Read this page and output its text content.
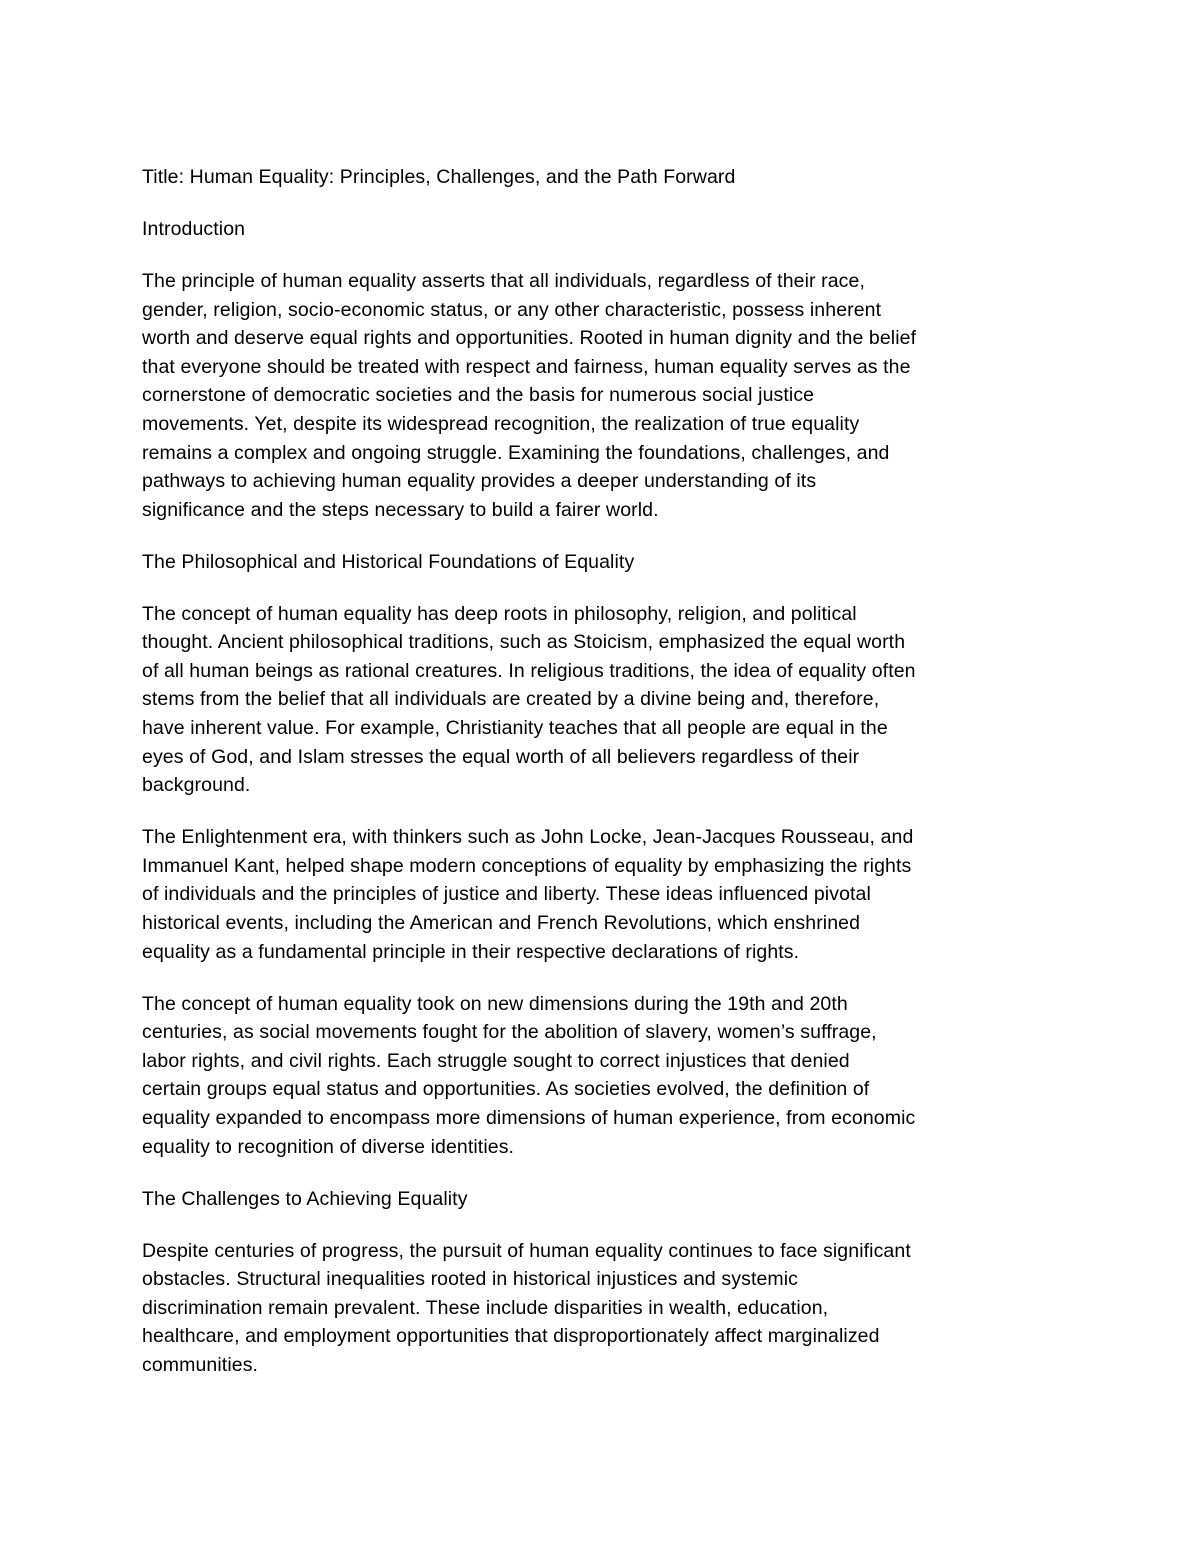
Title: Human Equality: Principles, Challenges, and the Path Forward
Introduction
The principle of human equality asserts that all individuals, regardless of their race,
gender, religion, socio-economic status, or any other characteristic, possess inherent
worth and deserve equal rights and opportunities. Rooted in human dignity and the belief
that everyone should be treated with respect and fairness, human equality serves as the
cornerstone of democratic societies and the basis for numerous social justice
movements. Yet, despite its widespread recognition, the realization of true equality
remains a complex and ongoing struggle. Examining the foundations, challenges, and
pathways to achieving human equality provides a deeper understanding of its
significance and the steps necessary to build a fairer world.
The Philosophical and Historical Foundations of Equality
The concept of human equality has deep roots in philosophy, religion, and political
thought. Ancient philosophical traditions, such as Stoicism, emphasized the equal worth
of all human beings as rational creatures. In religious traditions, the idea of equality often
stems from the belief that all individuals are created by a divine being and, therefore,
have inherent value. For example, Christianity teaches that all people are equal in the
eyes of God, and Islam stresses the equal worth of all believers regardless of their
background.
The Enlightenment era, with thinkers such as John Locke, Jean-Jacques Rousseau, and
Immanuel Kant, helped shape modern conceptions of equality by emphasizing the rights
of individuals and the principles of justice and liberty. These ideas influenced pivotal
historical events, including the American and French Revolutions, which enshrined
equality as a fundamental principle in their respective declarations of rights.
The concept of human equality took on new dimensions during the 19th and 20th
centuries, as social movements fought for the abolition of slavery, women’s suffrage,
labor rights, and civil rights. Each struggle sought to correct injustices that denied
certain groups equal status and opportunities. As societies evolved, the definition of
equality expanded to encompass more dimensions of human experience, from economic
equality to recognition of diverse identities.
The Challenges to Achieving Equality
Despite centuries of progress, the pursuit of human equality continues to face significant
obstacles. Structural inequalities rooted in historical injustices and systemic
discrimination remain prevalent. These include disparities in wealth, education,
healthcare, and employment opportunities that disproportionately affect marginalized
communities.
